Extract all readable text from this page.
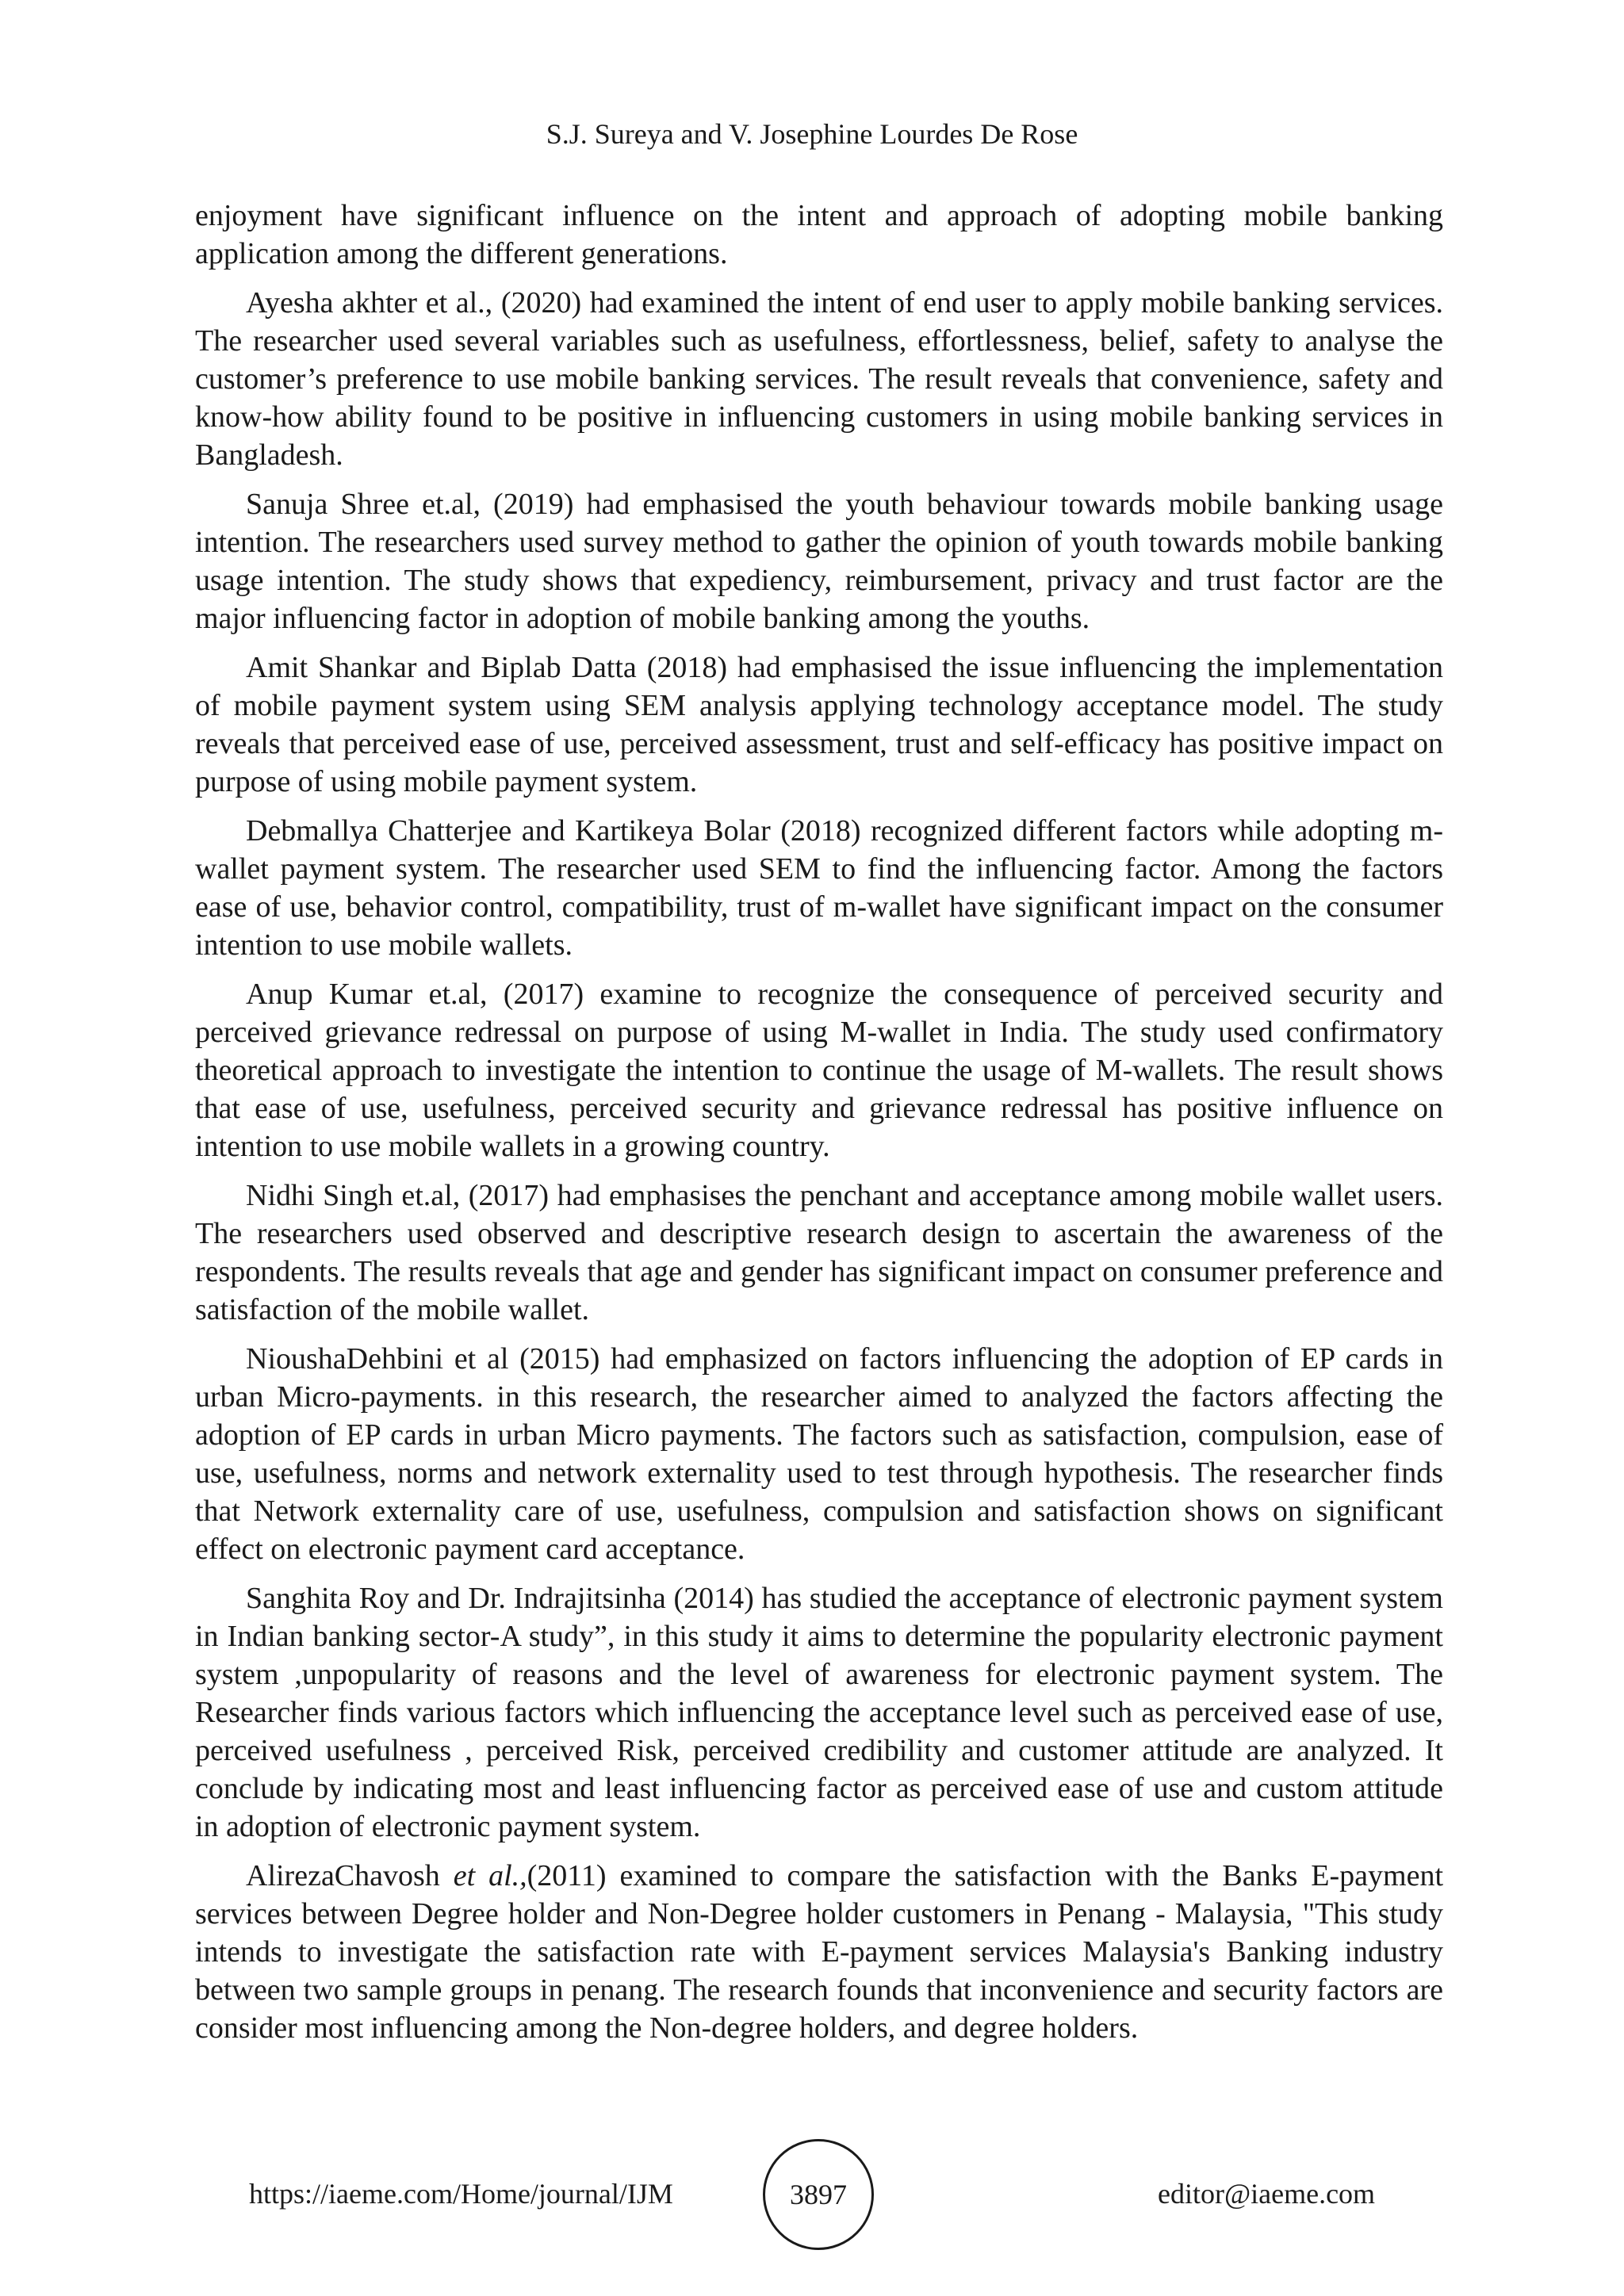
S.J. Sureya and V. Josephine Lourdes De Rose

enjoyment have significant influence on the intent and approach of adopting mobile banking application among the different generations.

Ayesha akhter et al., (2020) had examined the intent of end user to apply mobile banking services. The researcher used several variables such as usefulness, effortlessness, belief, safety to analyse the customer’s preference to use mobile banking services. The result reveals that convenience, safety and know-how ability found to be positive in influencing customers in using mobile banking services in Bangladesh.

Sanuja Shree et.al, (2019) had emphasised the youth behaviour towards mobile banking usage intention. The researchers used survey method to gather the opinion of youth towards mobile banking usage intention. The study shows that expediency, reimbursement, privacy and trust factor are the major influencing factor in adoption of mobile banking among the youths.

Amit Shankar and Biplab Datta (2018) had emphasised the issue influencing the implementation of mobile payment system using SEM analysis applying technology acceptance model. The study reveals that perceived ease of use, perceived assessment, trust and self-efficacy has positive impact on purpose of using mobile payment system.

Debmallya Chatterjee and Kartikeya Bolar (2018) recognized different factors while adopting m-wallet payment system. The researcher used SEM to find the influencing factor. Among the factors ease of use, behavior control, compatibility, trust of m-wallet have significant impact on the consumer intention to use mobile wallets.

Anup Kumar et.al, (2017) examine to recognize the consequence of perceived security and perceived grievance redressal on purpose of using M-wallet in India. The study used confirmatory theoretical approach to investigate the intention to continue the usage of M-wallets. The result shows that ease of use, usefulness, perceived security and grievance redressal has positive influence on intention to use mobile wallets in a growing country.

Nidhi Singh et.al, (2017) had emphasises the penchant and acceptance among mobile wallet users. The researchers used observed and descriptive research design to ascertain the awareness of the respondents. The results reveals that age and gender has significant impact on consumer preference and satisfaction of the mobile wallet.

NioushaDehbini et al (2015) had emphasized on factors influencing the adoption of EP cards in urban Micro-payments. in this research, the researcher aimed to analyzed the factors affecting the adoption of EP cards in urban Micro payments. The factors such as satisfaction, compulsion, ease of use, usefulness, norms and network externality used to test through hypothesis. The researcher finds that Network externality care of use, usefulness, compulsion and satisfaction shows on significant effect on electronic payment card acceptance.

Sanghita Roy and Dr. Indrajitsinha (2014) has studied the acceptance of electronic payment system in Indian banking sector-A study”, in this study it aims to determine the popularity electronic payment system ,unpopularity of reasons and the level of awareness for electronic payment system. The Researcher finds various factors which influencing the acceptance level such as perceived ease of use, perceived usefulness , perceived Risk, perceived credibility and customer attitude are analyzed. It conclude by indicating most and least influencing factor as perceived ease of use and custom attitude in adoption of electronic payment system.

AlirezaChavosh et al.,(2011) examined to compare the satisfaction with the Banks E-payment services between Degree holder and Non-Degree holder customers in Penang - Malaysia, "This study intends to investigate the satisfaction rate with E-payment services Malaysia's Banking industry between two sample groups in penang. The research founds that inconvenience and security factors are consider most influencing among the Non-degree holders, and degree holders.

https://iaeme.com/Home/journal/IJM	3897	editor@iaeme.com
